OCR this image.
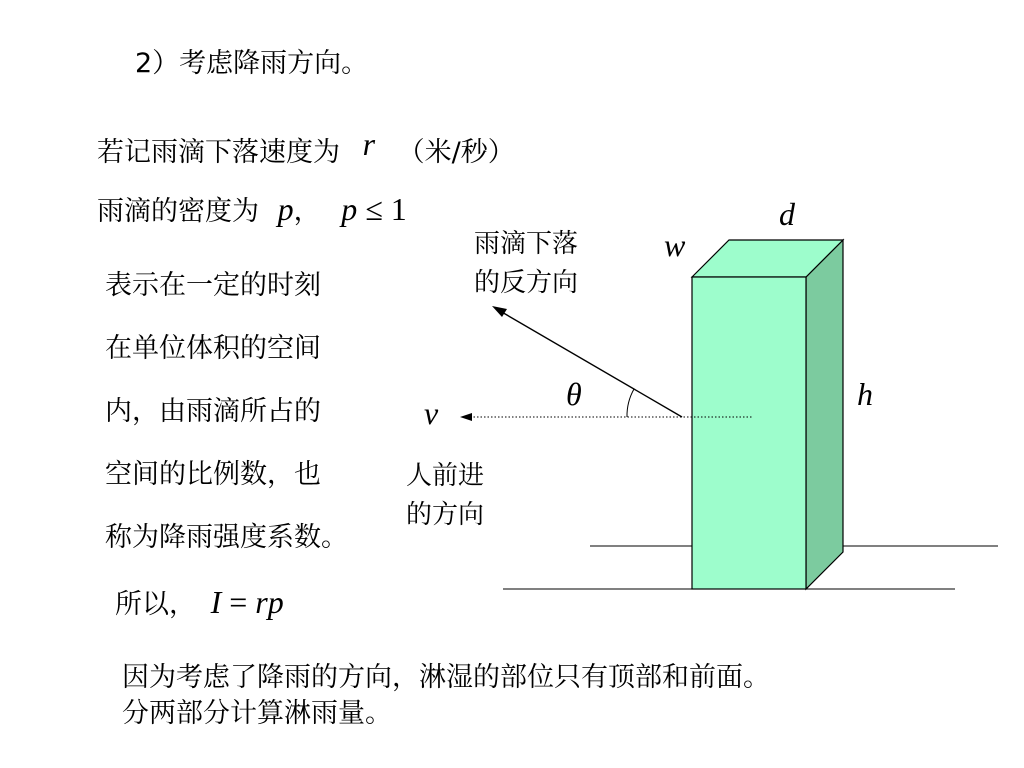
2）考虑降雨方向。
若记雨滴下落速度为 r （米/秒）
雨滴的密度为 p， p ≤ 1
表示在一定的时刻
在单位体积的空间
内，由雨滴所占的
空间的比例数，也
称为降雨强度系数。
所以， I = rp
因为考虑了降雨的方向，淋湿的部位只有顶部和前面。
分两部分计算淋雨量。
w
d
h
v
θ
雨滴下落
的反方向
人前进
的方向
